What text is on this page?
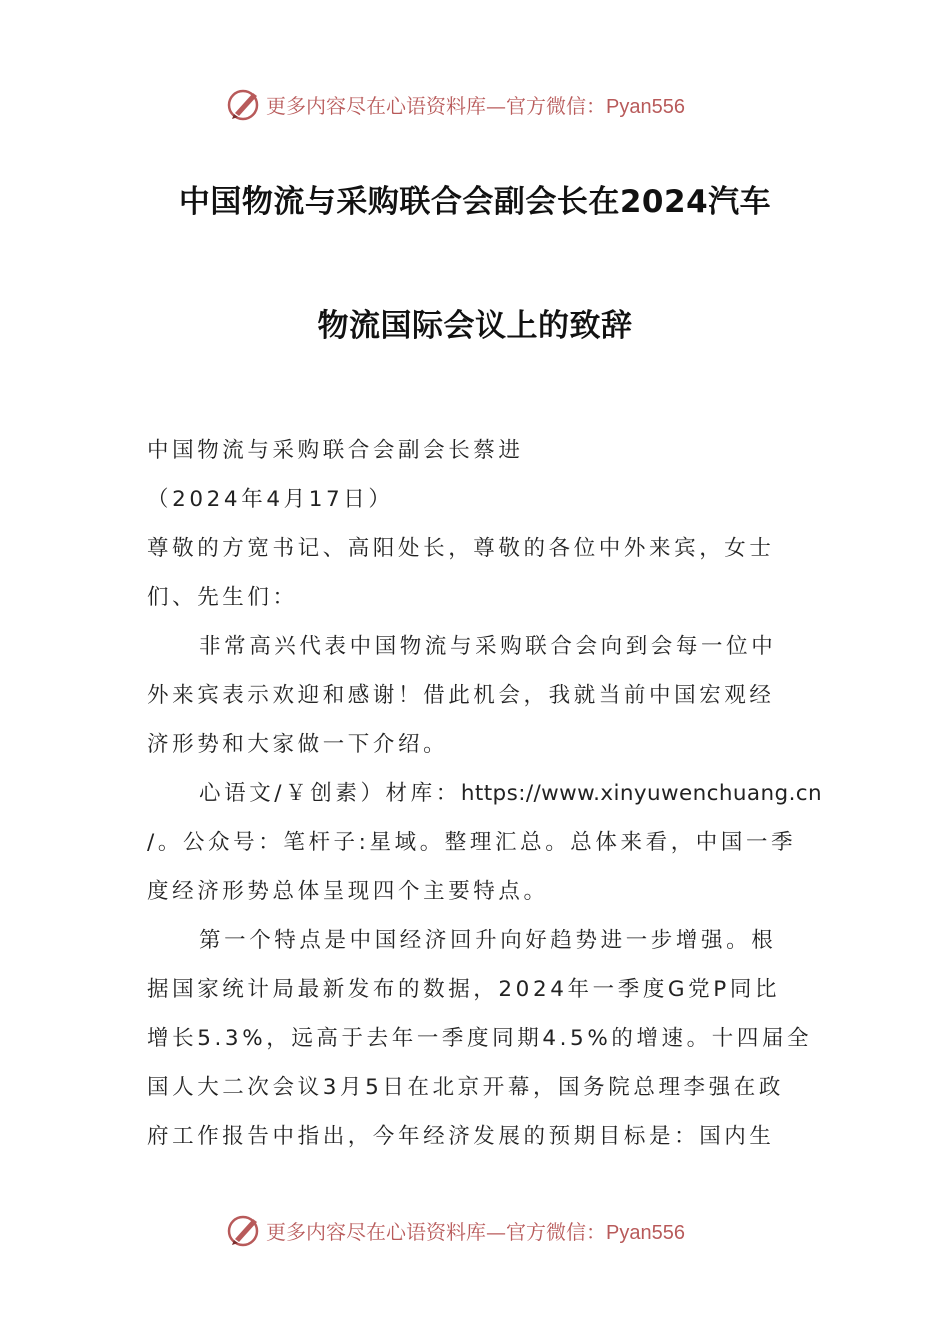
更多内容尽在心语资料库—官方微信：Pyan556
中国物流与采购联合会副会长在2024汽车
物流国际会议上的致辞
中国物流与采购联合会副会长蔡进
（2024年4月17日）
尊敬的方宽书记、高阳处长，尊敬的各位中外来宾，女士
们、先生们：
非常高兴代表中国物流与采购联合会向到会每一位中
外来宾表示欢迎和感谢！借此机会，我就当前中国宏观经
济形势和大家做一下介绍。
心语文/￥创素）材库：https://www.xinyuwenchuang.cn
/。公众号：笔杆子:星域。整理汇总。总体来看，中国一季
度经济形势总体呈现四个主要特点。
第一个特点是中国经济回升向好趋势进一步增强。根
据国家统计局最新发布的数据，2024年一季度G党P同比
增长5.3%，远高于去年一季度同期4.5%的增速。十四届全
国人大二次会议3月5日在北京开幕，国务院总理李强在政
府工作报告中指出，今年经济发展的预期目标是：国内生
更多内容尽在心语资料库—官方微信：Pyan556
